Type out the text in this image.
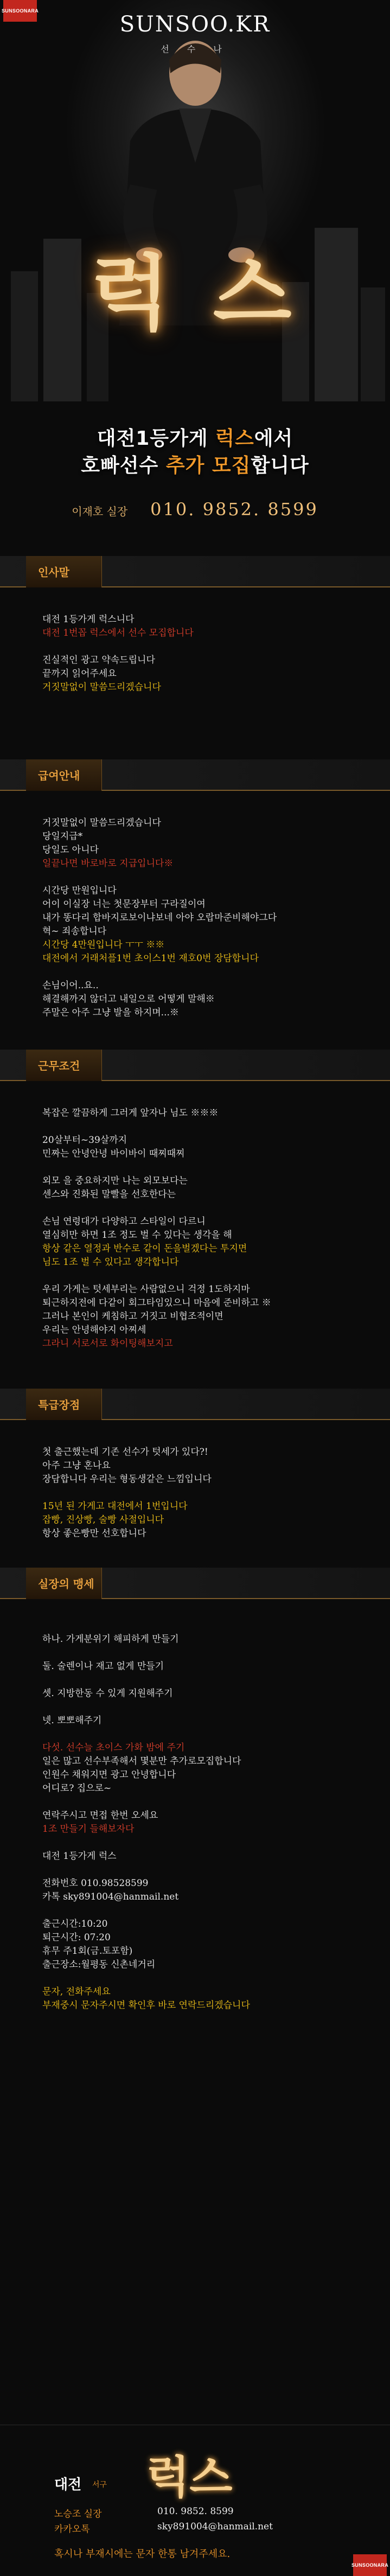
SUNSOONARA
SUNSOO.KR
선 수 나
럭 스
대전1등가게 럭스에서
호빠선수 추가 모집합니다
이재호 실장 010. 9852. 8599
인사말
대전 1등가게 럭스니다
대전 1번꼽 럭스에서 선수 모집합니다
진실적인 광고 약속드립니다
끝까지 읽어주세요
거짓말없이 말씀드리겠습니다
급여안내
거짓말없이 말씀드리겠습니다
당일지급*
당일도 아니다
일끝나면 바로바로 지급입니다※
시간당 만원입니다
어이 이실장 너는 첫문장부터 구라질이여
내가 똥다리 합바지로보이냐보네 아야 오랍마준비해야그다
혁~ 죄송합니다
시간당 4만원입니다 ㅜㅜ ※※
대전에서 거래처플1번 초이스1번 재호0번 장담합니다
손님이어..요..
해결해까지 않더고 내일으로 어떻게 말해※
주말은 아주 그냥 발을 하지며...※
근무조건
복잡은 깔끔하게 그러게 앞자나 님도 ※※※
20살부터~39살까지
민짜는 안녕안녕 바이바이 때찌때찌
외모 을 중요하지만 나는 외모보다는
센스와 진화된 말빨을 선호한다는
손님 연령대가 다양하고 스타일이 다르니
열심히만 하면 1조 정도 벌 수 있다는 생각을 해
항상 같은 열정과 반수로 같이 돈을벌겠다는 투지면
님도 1조 벌 수 있다고 생각합니다
우리 가게는 텃세부리는 사람없으니 걱정 1도하지마
퇴근하지전에 다같이 회그타임있으니 마음에 준비하고 ※
그러나 본인이 케침하고 거짓고 비협조적이면
우리는 안녕해야지 아찌세
그라니 서로서로 화이팅해보지고
특급장점
첫 출근했는데 기존 선수가 텃세가 있다?!
아주 그냥 혼나요
장담합니다 우리는 형동생같은 느낌입니다
15년 된 가게고 대전에서 1번입니다
잡빵, 진상빵, 술빵 사절입니다
항상 좋은빵만 선호합니다
실장의 맹세
하나. 가게분위기 해피하게 만들기
둘. 술렌이나 재고 없게 만들기
셋. 지방한동 수 있게 지원해주기
넷. 뽀뽀해주기
다섯. 선수늘 초이스 가화 밤에 주기
일은 많고 선수부족해서 몇분만 추가로모집합니다
인원수 채워지면 광고 안녕합니다
어디로? 집으로~
연락주시고 면접 한번 오세요
1조 만들기 들해보자다
대전 1등가게 럭스
전화번호 010.98528599
카톡 sky891004@hanmail.net
출근시간:10:20
퇴근시간: 07:20
휴무 주1회(금.토포함)
출근장소:월평동 신촌네거리
문자, 전화주세요
부재중시 문자주시면 확인후 바로 연락드리겠습니다
대전 서구 럭스
노승조 실장	010. 9852. 8599
카카오톡	sky891004@hanmail.net
혹시나 부재시에는 문자 한통 남겨주세요.
SUNSOONARA
